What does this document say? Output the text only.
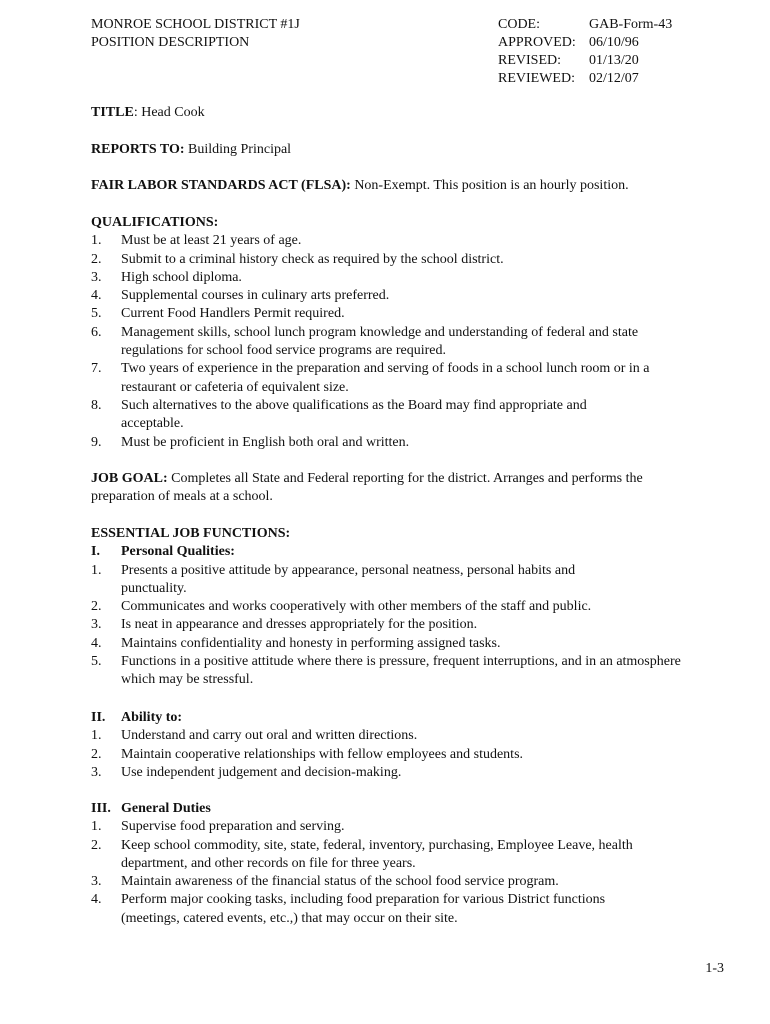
MONROE SCHOOL DISTRICT #1J
POSITION DESCRIPTION
CODE:	GAB-Form-43
APPROVED: 06/10/96
REVISED:	01/13/20
REVIEWED:	02/12/07
TITLE: Head Cook
REPORTS TO: Building Principal
FAIR LABOR STANDARDS ACT (FLSA): Non-Exempt. This position is an hourly position.
QUALIFICATIONS:
1.	Must be at least 21 years of age.
2.	Submit to a criminal history check as required by the school district.
3.	High school diploma.
4.	Supplemental courses in culinary arts preferred.
5.	Current Food Handlers Permit required.
6.	Management skills, school lunch program knowledge and understanding of federal and state
regulations for school food service programs are required.
7.	Two years of experience in the preparation and serving of foods in a school lunch room or in a
restaurant or cafeteria of equivalent size.
8.	Such alternatives to the above qualifications as the Board may find appropriate and
acceptable.
9.	Must be proficient in English both oral and written.
JOB GOAL: Completes all State and Federal reporting for the district. Arranges and performs the
preparation of meals at a school.
ESSENTIAL JOB FUNCTIONS:
I.	Personal Qualities:
1.	Presents a positive attitude by appearance, personal neatness, personal habits and
punctuality.
2.	Communicates and works cooperatively with other members of the staff and public.
3.	Is neat in appearance and dresses appropriately for the position.
4.	Maintains confidentiality and honesty in performing assigned tasks.
5.	Functions in a positive attitude where there is pressure, frequent interruptions, and in an atmosphere
which may be stressful.
II.	Ability to:
1.	Understand and carry out oral and written directions.
2.	Maintain cooperative relationships with fellow employees and students.
3.	Use independent judgement and decision-making.
III. General Duties
1.	Supervise food preparation and serving.
2.	Keep school commodity, site, state, federal, inventory, purchasing, Employee Leave, health
department, and other records on file for three years.
3.	Maintain awareness of the financial status of the school food service program.
4.	Perform major cooking tasks, including food preparation for various District functions
(meetings, catered events, etc.,) that may occur on their site.
1-3
